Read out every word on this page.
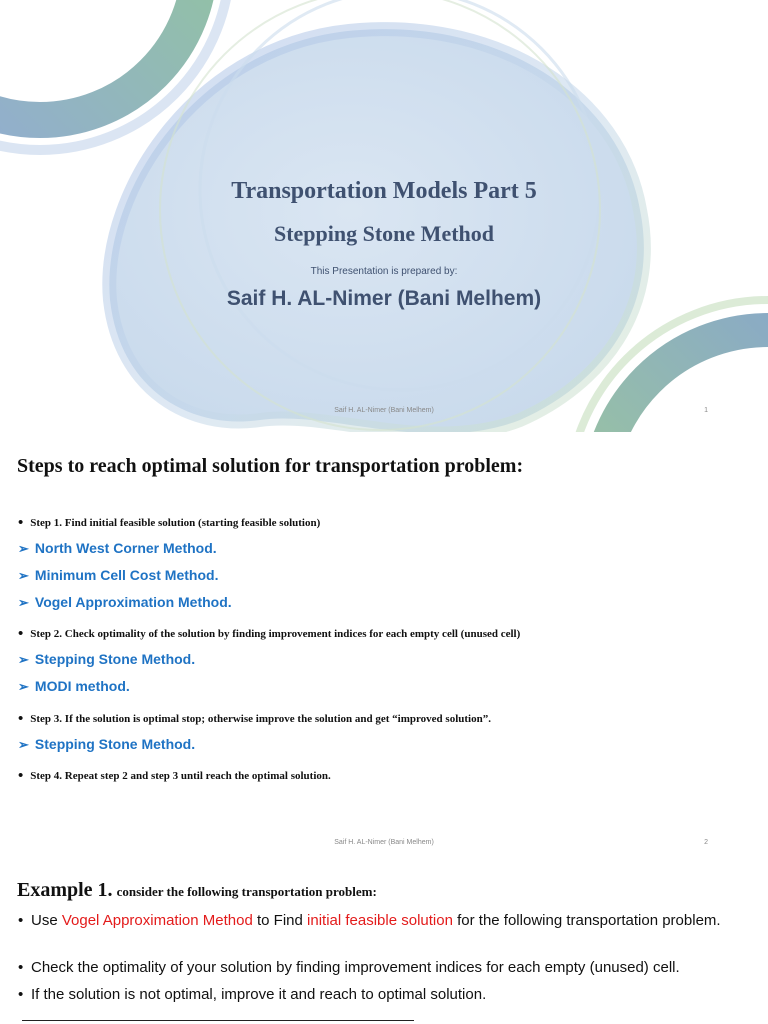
Transportation Models Part 5
Stepping Stone Method
This Presentation is prepared by:
Saif H. AL-Nimer (Bani Melhem)
Saif H. AL-Nimer (Bani Melhem)	1
Steps to reach optimal solution for transportation problem:
• Step 1. Find initial feasible solution (starting feasible solution)
➢ North West Corner Method.
➢ Minimum Cell Cost Method.
➢ Vogel Approximation Method.
• Step 2. Check optimality of the solution by finding improvement indices for each empty cell (unused cell)
➢ Stepping Stone Method.
➢ MODI method.
• Step 3. If the solution is optimal stop; otherwise improve the solution and get “improved solution”.
➢ Stepping Stone Method.
• Step 4. Repeat step 2 and step 3 until reach the optimal solution.
Saif H. AL-Nimer (Bani Melhem)	2
Example 1. consider the following transportation problem:
• Use Vogel Approximation Method to Find initial feasible solution for the following transportation problem.
• Check the optimality of your solution by finding improvement indices for each empty (unused) cell.
• If the solution is not optimal, improve it and reach to optimal solution.
